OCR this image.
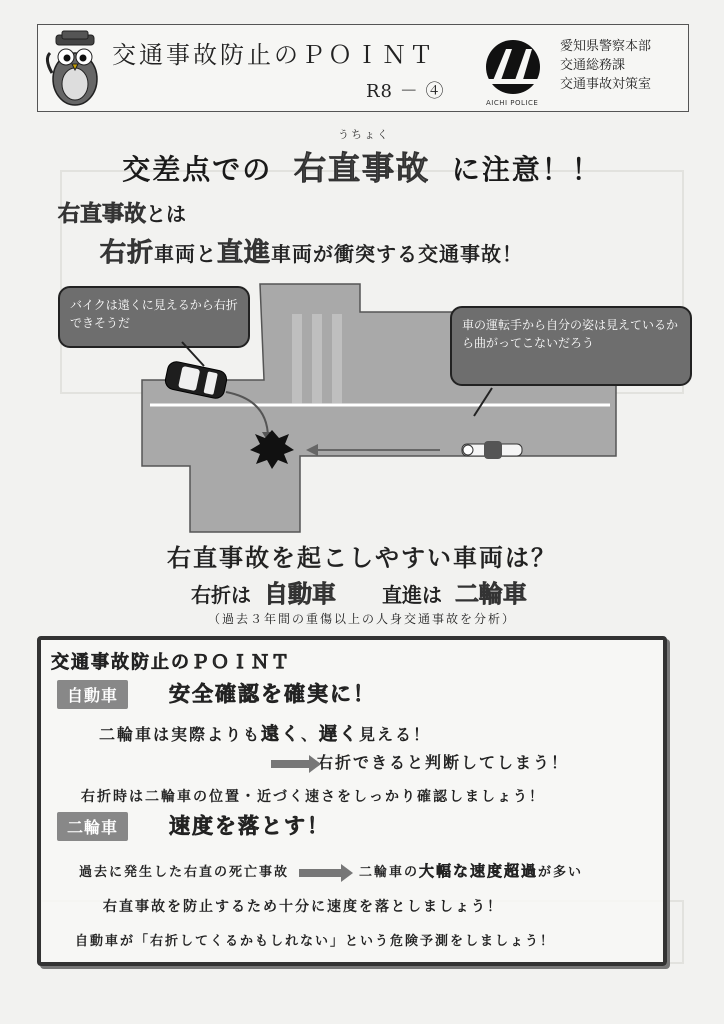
交通事故防止のＰＯＩＮＴ
R8 － ④
AICHI POLICE
愛知県警察本部
交通総務課
交通事故対策室
うちょく
交差点での 右直事故 に注意！！
右直事故とは
右折車両と直進車両が衝突する交通事故！
バイクは遠くに見えるから右折できそうだ	車の運転手から自分の姿は見えているから曲がってこないだろう
右直事故を起こしやすい車両は？
右折は 自動車 直進は 二輪車
（過去３年間の重傷以上の人身交通事故を分析）
交通事故防止のＰＯＩＮＴ
自動車	安全確認を確実に！
二輪車は実際よりも遠く、遅く見える！
右折できると判断してしまう！
右折時は二輪車の位置・近づく速さをしっかり確認しましょう！
二輪車	速度を落とす！
過去に発生した右直の死亡事故	二輪車の大幅な速度超過が多い
右直事故を防止するため十分に速度を落としましょう！
自動車が「右折してくるかもしれない」という危険予測をしましょう！
